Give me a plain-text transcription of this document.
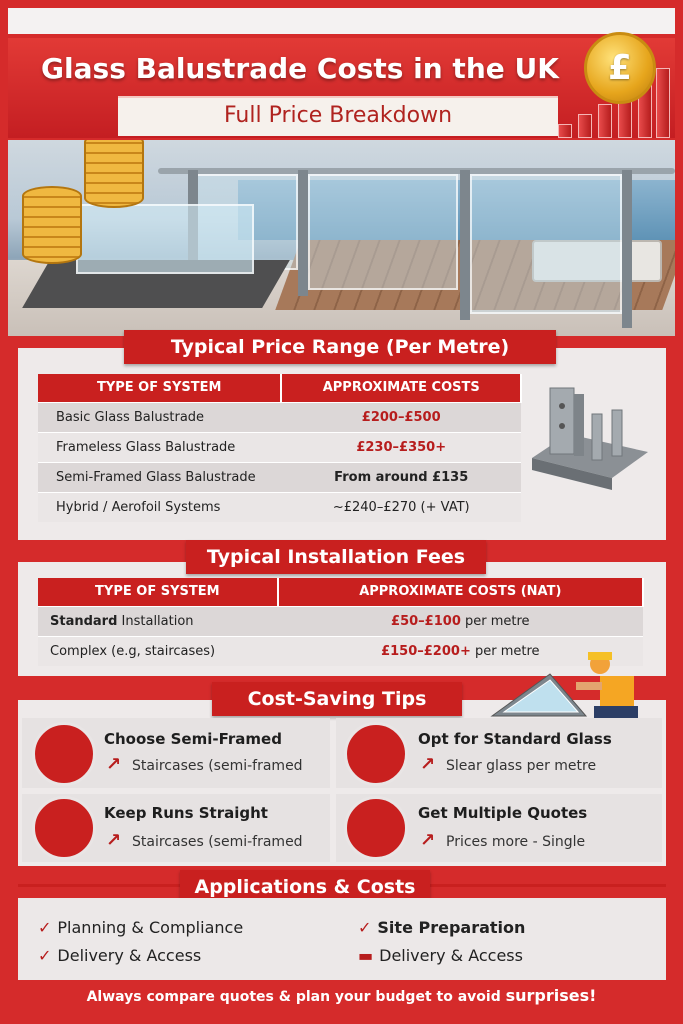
Glass Balustrade Costs in the UK
Full Price Breakdown
£
Typical Price Range (Per Metre)
TYPE OF SYSTEM	APPROXIMATE COSTS
Basic Glass Balustrade	£200–£500
Frameless Glass Balustrade	£230–£350+
Semi-Framed Glass Balustrade	From around £135
Hybrid / Aerofoil Systems	~£240–£270 (+ VAT)
Typical Installation Fees
TYPE OF SYSTEM	APPROXIMATE COSTS (NAT)
Standard Installation	£50–£100 per metre
Complex (e.g, staircases)	£150–£200+ per metre
Cost-Saving Tips
Choose Semi-Framed
↗ Staircases (semi-framed
Opt for Standard Glass
↗ Slear glass per metre
Keep Runs Straight
↗ Staircases (semi-framed
Get Multiple Quotes
↗ Prices more - Single
Applications & Costs
✓ Planning & Compliance
✓ Delivery & Access
✓ Site Preparation
▬ Delivery & Access
Always compare quotes & plan your budget to avoid surprises!
